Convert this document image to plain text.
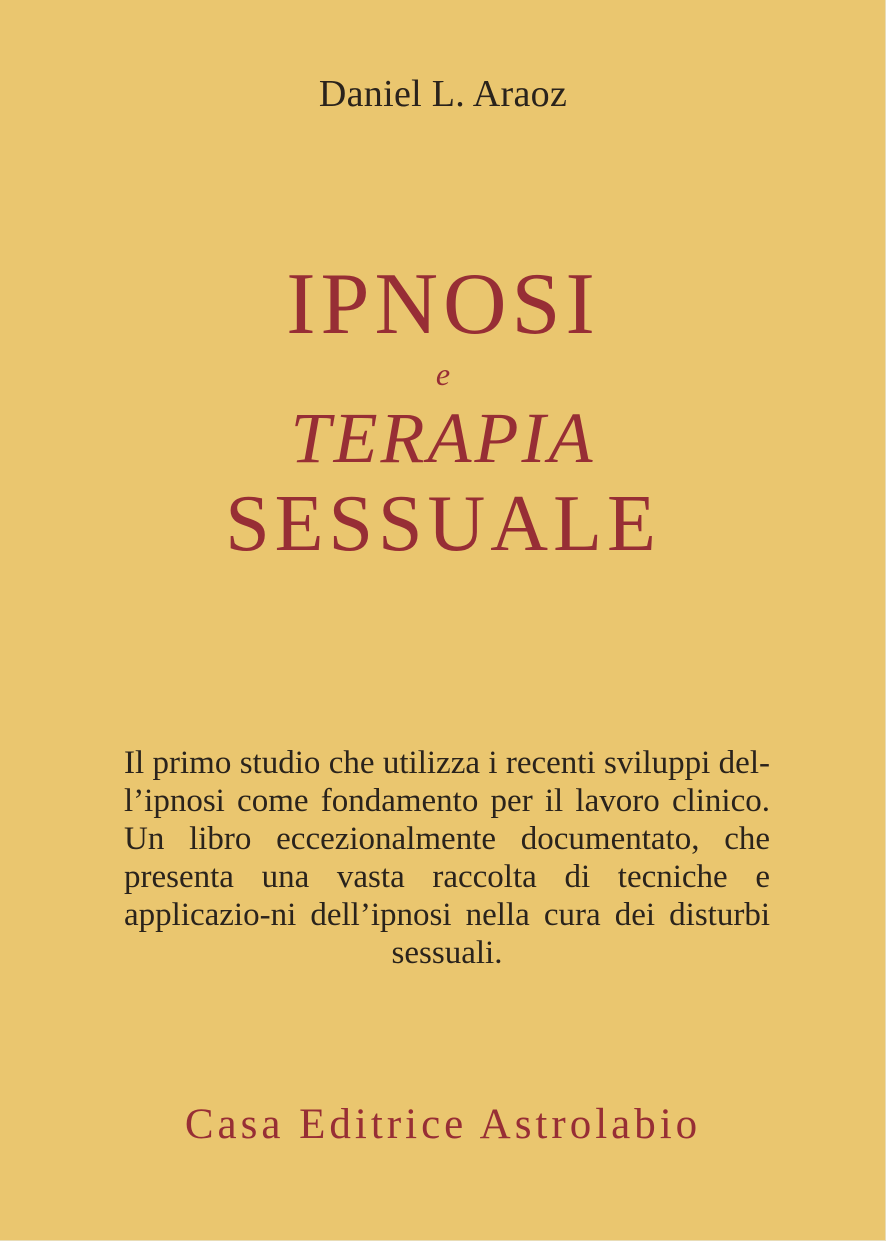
Daniel L. Araoz
IPNOSI
e
TERAPIA
SESSUALE
Il primo studio che utilizza i recenti sviluppi del-l’ipnosi come fondamento per il lavoro clinico. Un libro eccezionalmente documentato, che presenta una vasta raccolta di tecniche e applicazio-ni dell’ipnosi nella cura dei disturbi sessuali.
Casa Editrice Astrolabio
